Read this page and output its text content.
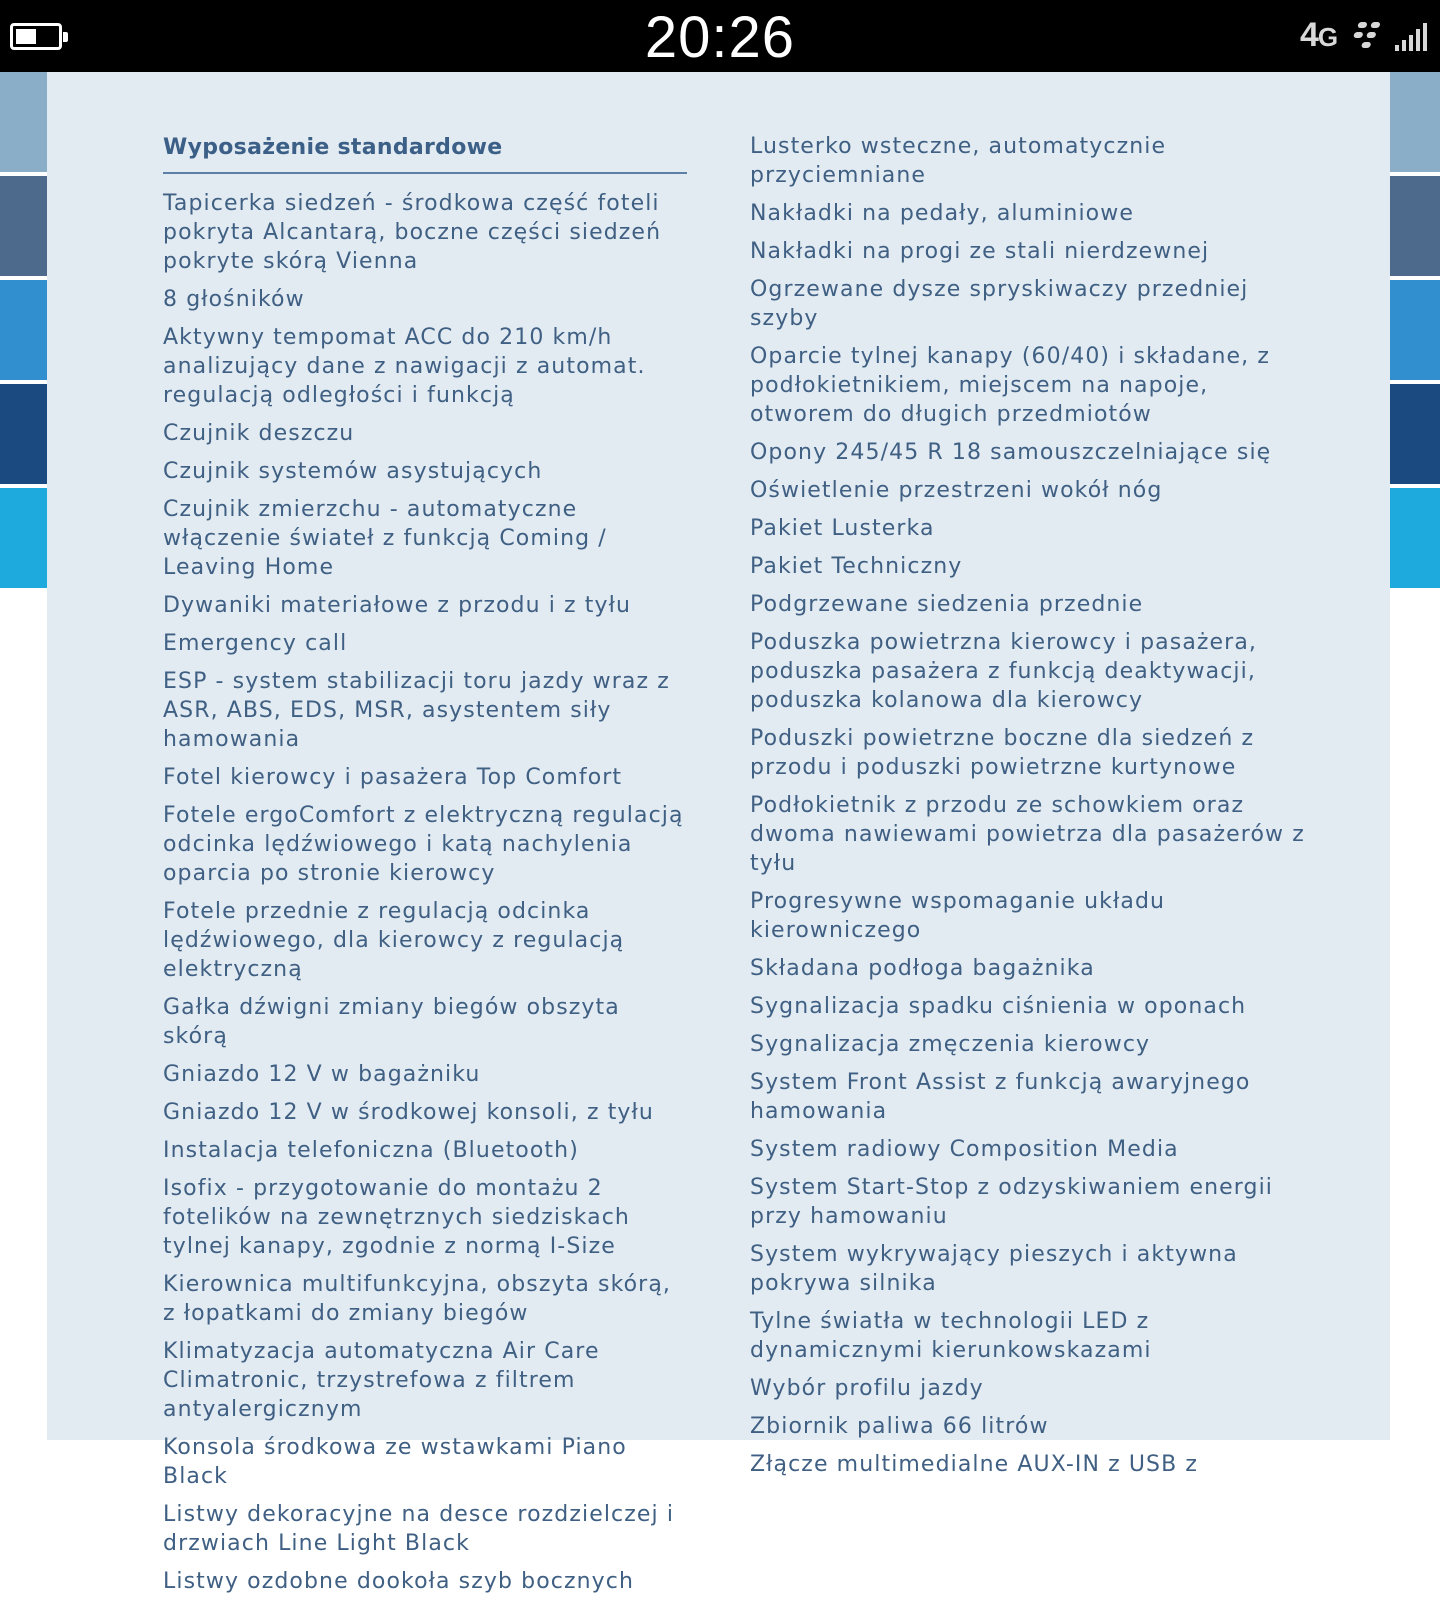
20:26	4G
Wyposażenie standardowe
Tapicerka siedzeń - środkowa część foteli pokryta Alcantarą, boczne części siedzeń pokryte skórą Vienna
8 głośników
Aktywny tempomat ACC do 210 km/h analizujący dane z nawigacji z automat. regulacją odległości i funkcją
Czujnik deszczu
Czujnik systemów asystujących
Czujnik zmierzchu - automatyczne włączenie świateł z funkcją Coming / Leaving Home
Dywaniki materiałowe z przodu i z tyłu
Emergency call
ESP - system stabilizacji toru jazdy wraz z ASR, ABS, EDS, MSR, asystentem siły hamowania
Fotel kierowcy i pasażera Top Comfort
Fotele ergoComfort z elektryczną regulacją odcinka lędźwiowego i katą nachylenia oparcia po stronie kierowcy
Fotele przednie z regulacją odcinka lędźwiowego, dla kierowcy z regulacją elektryczną
Gałka dźwigni zmiany biegów obszyta skórą
Gniazdo 12 V w bagażniku
Gniazdo 12 V w środkowej konsoli, z tyłu
Instalacja telefoniczna (Bluetooth)
Isofix - przygotowanie do montażu 2 fotelików na zewnętrznych siedziskach tylnej kanapy, zgodnie z normą I-Size
Kierownica multifunkcyjna, obszyta skórą, z łopatkami do zmiany biegów
Klimatyzacja automatyczna Air Care Climatronic, trzystrefowa z filtrem antyalergicznym
Konsola środkowa ze wstawkami Piano Black
Listwy dekoracyjne na desce rozdzielczej i drzwiach Line Light Black
Listwy ozdobne dookoła szyb bocznych
Lusterko wsteczne, automatycznie przyciemniane
Nakładki na pedały, aluminiowe
Nakładki na progi ze stali nierdzewnej
Ogrzewane dysze spryskiwaczy przedniej szyby
Oparcie tylnej kanapy (60/40) i składane, z podłokietnikiem, miejscem na napoje, otworem do długich przedmiotów
Opony 245/45 R 18 samouszczelniające się
Oświetlenie przestrzeni wokół nóg
Pakiet Lusterka
Pakiet Techniczny
Podgrzewane siedzenia przednie
Poduszka powietrzna kierowcy i pasażera, poduszka pasażera z funkcją deaktywacji, poduszka kolanowa dla kierowcy
Poduszki powietrzne boczne dla siedzeń z przodu i poduszki powietrzne kurtynowe
Podłokietnik z przodu ze schowkiem oraz dwoma nawiewami powietrza dla pasażerów z tyłu
Progresywne wspomaganie układu kierowniczego
Składana podłoga bagażnika
Sygnalizacja spadku ciśnienia w oponach
Sygnalizacja zmęczenia kierowcy
System Front Assist z funkcją awaryjnego hamowania
System radiowy Composition Media
System Start-Stop z odzyskiwaniem energii przy hamowaniu
System wykrywający pieszych i aktywna pokrywa silnika
Tylne światła w technologii LED z dynamicznymi kierunkowskazami
Wybór profilu jazdy
Zbiornik paliwa 66 litrów
Złącze multimedialne AUX-IN z USB z
